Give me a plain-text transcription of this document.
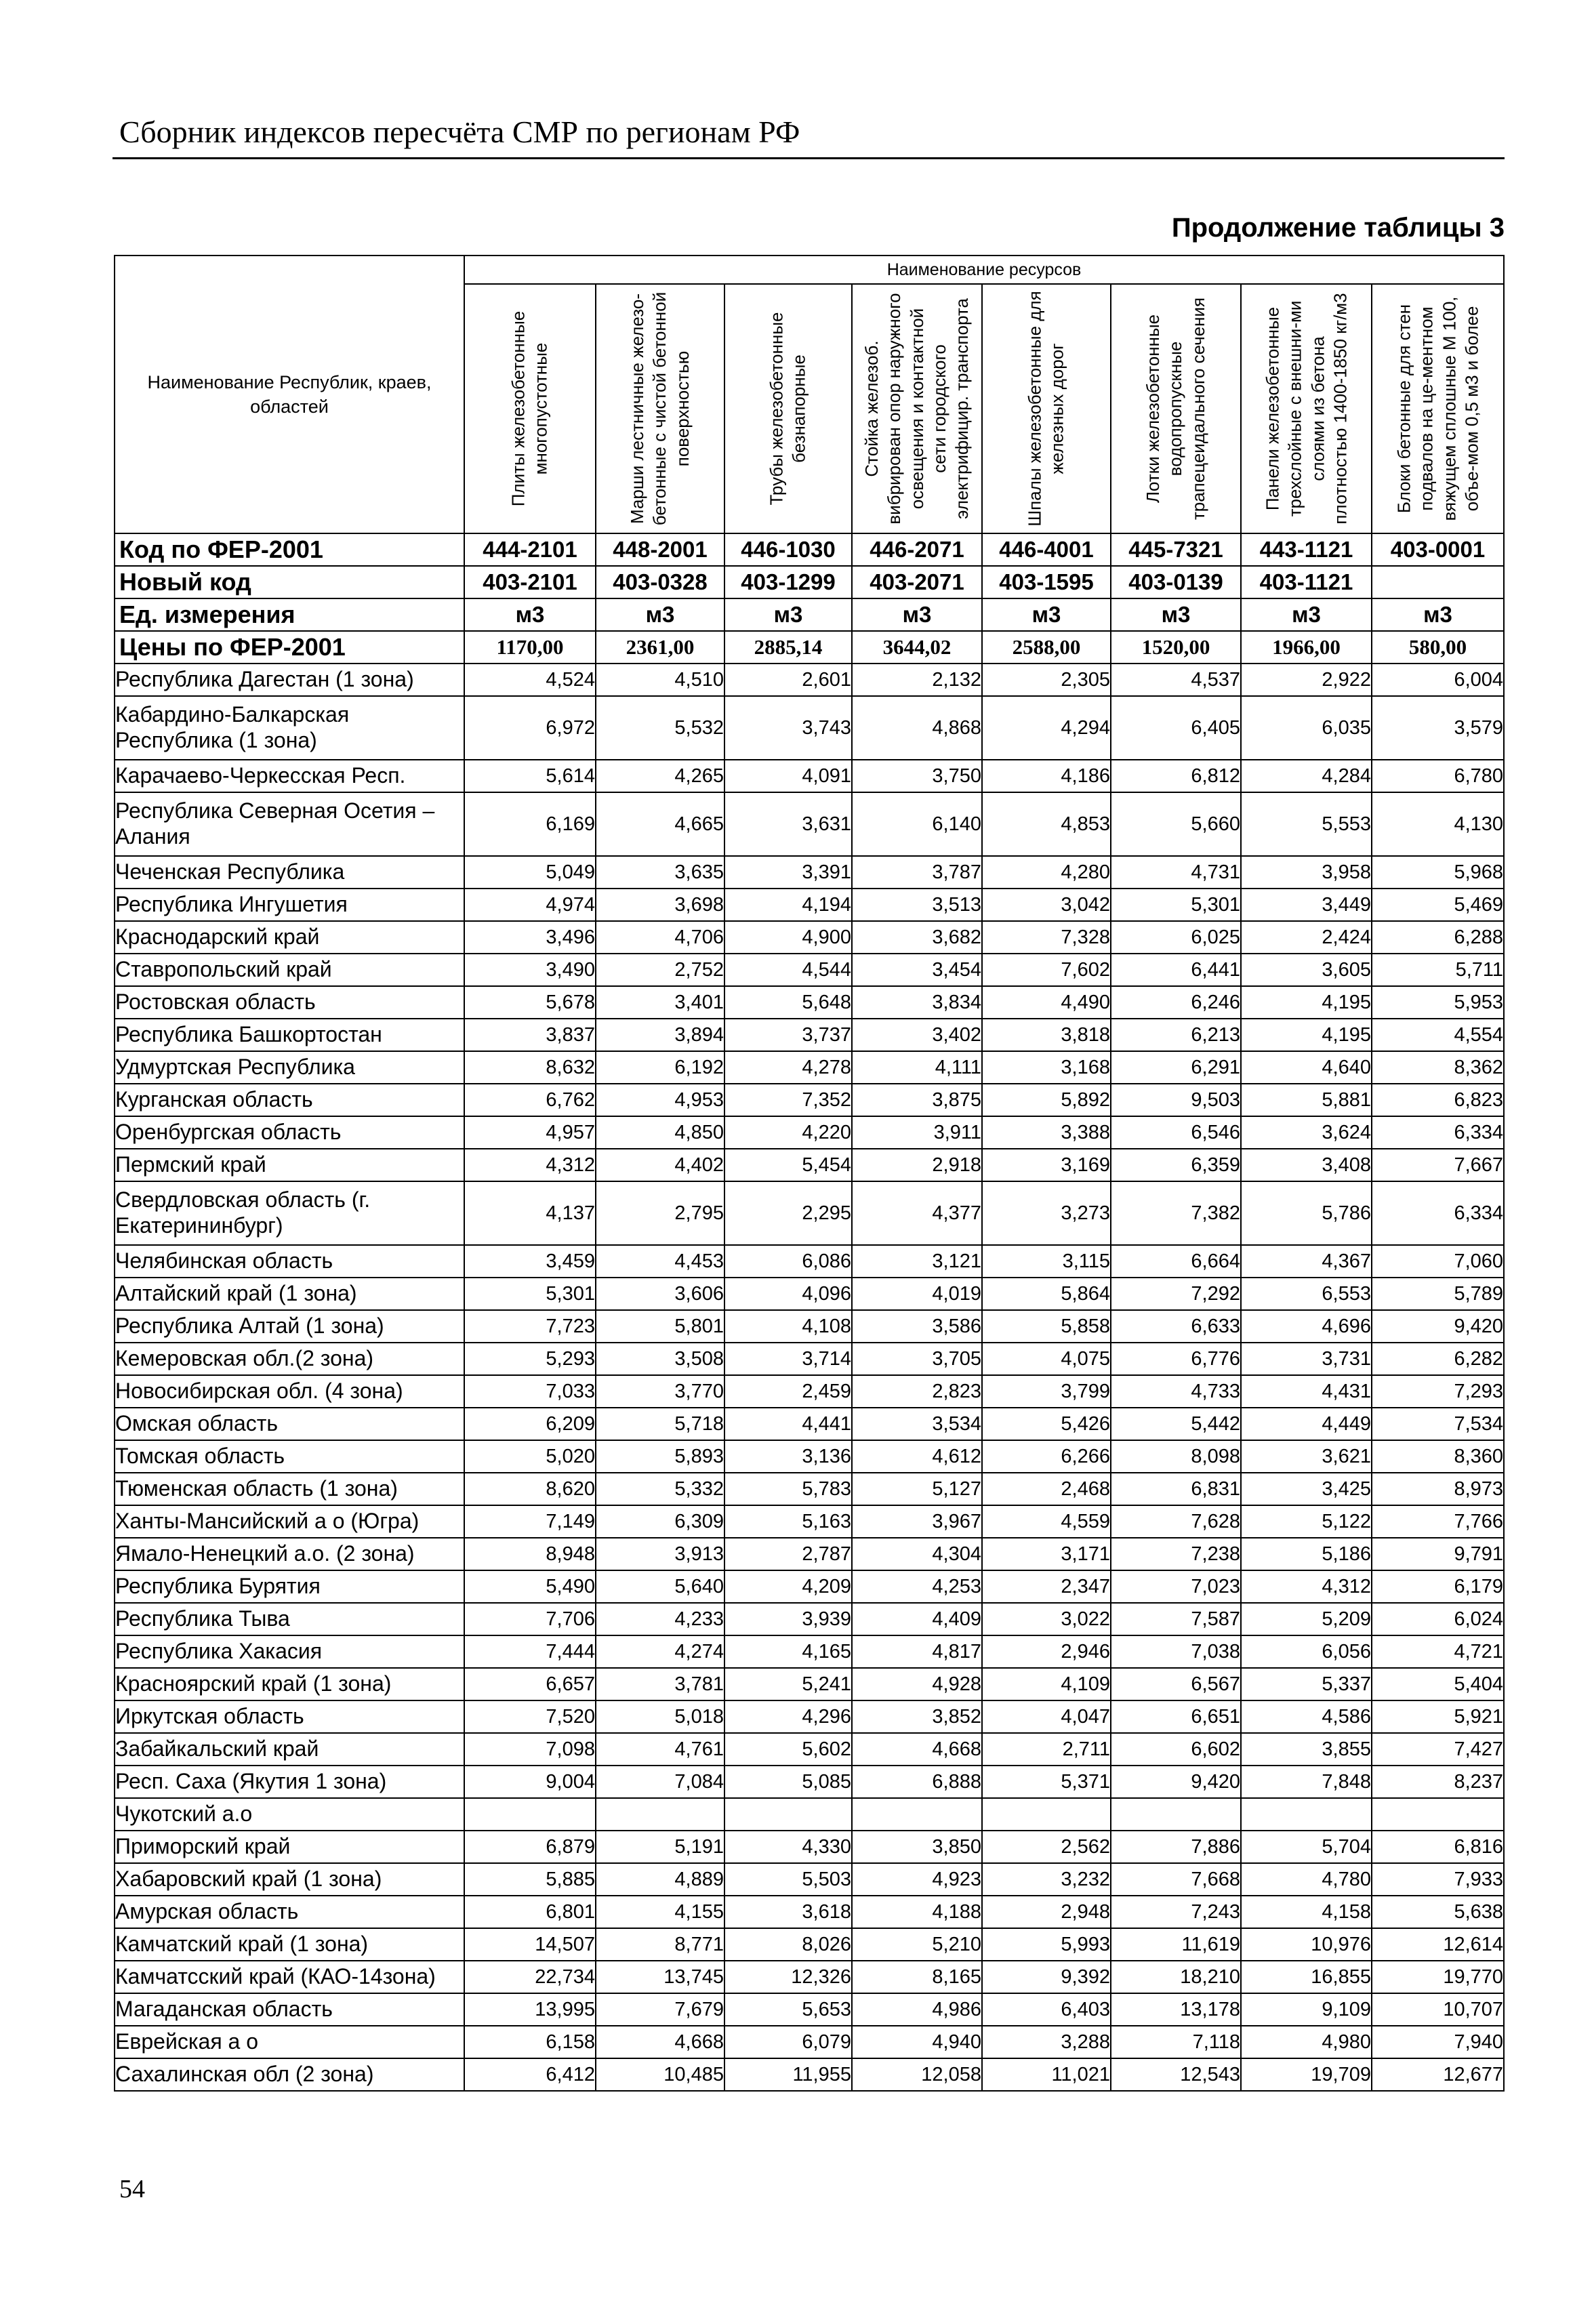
Сборник индексов пересчёта СМР по регионам РФ
Продолжение таблицы 3
Наименование Республик, краев, областей	Наименование ресурсов							

	Плиты железобетонные многопустотные	Марши лестничные железо-бетонные с чистой бетонной поверхностью	Трубы железобетонные безнапорные	Стойка железоб. вибрирован опор наружного освещения и контактной сети городского электрифицир. транспорта	Шпалы железобетонные для железных дорог	Лотки железобетонные водопропускные трапецеидального сечения	Панели железобетонные трехслойные с внешни-ми слоями из бетона плотностью 1400-1850 кг/м3	Блоки бетонные для стен подвалов на це-ментном вяжущем сплошные М 100, объе-мом 0,5 м3 и более

Код по ФЕР-2001	444-2101	448-2001	446-1030	446-2071	446-4001	445-7321	443-1121	403-0001
Новый код	403-2101	403-0328	403-1299	403-2071	403-1595	403-0139	403-1121	
Ед. измерения	м3	м3	м3	м3	м3	м3	м3	м3
Цены по ФЕР-2001	1170,00	2361,00	2885,14	3644,02	2588,00	1520,00	1966,00	580,00
Республика Дагестан (1 зона)	4,524	4,510	2,601	2,132	2,305	4,537	2,922	6,004
Кабардино-Балкарская Республика (1 зона)	6,972	5,532	3,743	4,868	4,294	6,405	6,035	3,579
Карачаево-Черкесская Респ.	5,614	4,265	4,091	3,750	4,186	6,812	4,284	6,780
Республика Северная Осетия – Алания	6,169	4,665	3,631	6,140	4,853	5,660	5,553	4,130
Чеченская Республика	5,049	3,635	3,391	3,787	4,280	4,731	3,958	5,968
Республика Ингушетия	4,974	3,698	4,194	3,513	3,042	5,301	3,449	5,469
Краснодарский край	3,496	4,706	4,900	3,682	7,328	6,025	2,424	6,288
Ставропольский край	3,490	2,752	4,544	3,454	7,602	6,441	3,605	5,711
Ростовская область	5,678	3,401	5,648	3,834	4,490	6,246	4,195	5,953
Республика Башкортостан	3,837	3,894	3,737	3,402	3,818	6,213	4,195	4,554
Удмуртская Республика	8,632	6,192	4,278	4,111	3,168	6,291	4,640	8,362
Курганская область	6,762	4,953	7,352	3,875	5,892	9,503	5,881	6,823
Оренбургская область	4,957	4,850	4,220	3,911	3,388	6,546	3,624	6,334
Пермский край	4,312	4,402	5,454	2,918	3,169	6,359	3,408	7,667
Свердловская область (г. Екатерининбург)	4,137	2,795	2,295	4,377	3,273	7,382	5,786	6,334
Челябинская область	3,459	4,453	6,086	3,121	3,115	6,664	4,367	7,060
Алтайский край (1 зона)	5,301	3,606	4,096	4,019	5,864	7,292	6,553	5,789
Республика Алтай (1 зона)	7,723	5,801	4,108	3,586	5,858	6,633	4,696	9,420
Кемеровская обл.(2 зона)	5,293	3,508	3,714	3,705	4,075	6,776	3,731	6,282
Новосибирская обл. (4 зона)	7,033	3,770	2,459	2,823	3,799	4,733	4,431	7,293
Омская область	6,209	5,718	4,441	3,534	5,426	5,442	4,449	7,534
Томская область	5,020	5,893	3,136	4,612	6,266	8,098	3,621	8,360
Тюменская область (1 зона)	8,620	5,332	5,783	5,127	2,468	6,831	3,425	8,973
Ханты-Мансийский а о (Югра)	7,149	6,309	5,163	3,967	4,559	7,628	5,122	7,766
Ямало-Ненецкий а.о. (2 зона)	8,948	3,913	2,787	4,304	3,171	7,238	5,186	9,791
Республика Бурятия	5,490	5,640	4,209	4,253	2,347	7,023	4,312	6,179
Республика Тыва	7,706	4,233	3,939	4,409	3,022	7,587	5,209	6,024
Республика Хакасия	7,444	4,274	4,165	4,817	2,946	7,038	6,056	4,721
Красноярский край (1 зона)	6,657	3,781	5,241	4,928	4,109	6,567	5,337	5,404
Иркутская область	7,520	5,018	4,296	3,852	4,047	6,651	4,586	5,921
Забайкальский край	7,098	4,761	5,602	4,668	2,711	6,602	3,855	7,427
Респ. Саха (Якутия 1 зона)	9,004	7,084	5,085	6,888	5,371	9,420	7,848	8,237
Чукотский а.о								
Приморский край	6,879	5,191	4,330	3,850	2,562	7,886	5,704	6,816
Хабаровский край (1 зона)	5,885	4,889	5,503	4,923	3,232	7,668	4,780	7,933
Амурская область	6,801	4,155	3,618	4,188	2,948	7,243	4,158	5,638
Камчатский край (1 зона)	14,507	8,771	8,026	5,210	5,993	11,619	10,976	12,614
Камчатсский край (КАО-14зона)	22,734	13,745	12,326	8,165	9,392	18,210	16,855	19,770
Магаданская область	13,995	7,679	5,653	4,986	6,403	13,178	9,109	10,707
Еврейская а о	6,158	4,668	6,079	4,940	3,288	7,118	4,980	7,940
Сахалинская обл (2 зона)	6,412	10,485	11,955	12,058	11,021	12,543	19,709	12,677
54
